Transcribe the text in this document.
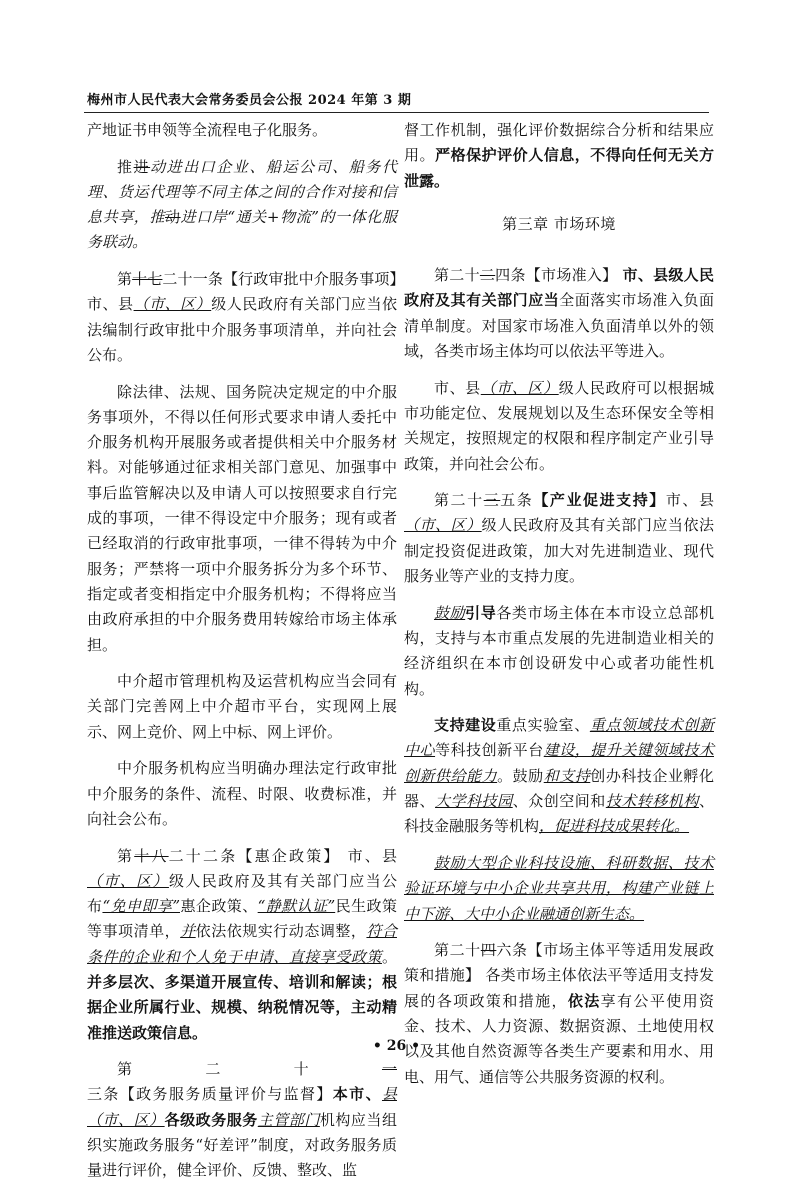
梅州市人民代表大会常务委员会公报 2024 年第 3 期

产地证书申领等全流程电子化服务。

推进动进出口企业、船运公司、船务代理、货运代理等不同主体之间的合作对接和信息共享，推动进口岸“通关+物流”的一体化服务联动。

第十七二十一条【行政审批中介服务事项】市、县（市、区）级人民政府有关部门应当依法编制行政审批中介服务事项清单，并向社会公布。

除法律、法规、国务院决定规定的中介服务事项外，不得以任何形式要求申请人委托中介服务机构开展服务或者提供相关中介服务材料。对能够通过征求相关部门意见、加强事中事后监管解决以及申请人可以按照要求自行完成的事项，一律不得设定中介服务；现有或者已经取消的行政审批事项，一律不得转为中介服务；严禁将一项中介服务拆分为多个环节、指定或者变相指定中介服务机构；不得将应当由政府承担的中介服务费用转嫁给市场主体承担。

中介超市管理机构及运营机构应当会同有关部门完善网上中介超市平台，实现网上展示、网上竞价、网上中标、网上评价。

中介服务机构应当明确办理法定行政审批中介服务的条件、流程、时限、收费标准，并向社会公布。

第十八二十二条【惠企政策】 市、县（市、区）级人民政府及其有关部门应当公布“免申即享”惠企政策、“静默认证”民生政策等事项清单，并依法依规实行动态调整，符合条件的企业和个人免于申请、直接享受政策。并多层次、多渠道开展宣传、培训和解读；根据企业所属行业、规模、纳税情况等，主动精准推送政策信息。

第二十一三条【政务服务质量评价与监督】本市、县（市、区）各级政务服务主管部门机构应当组织实施政务服务“好差评”制度，对政务服务质量进行评价，健全评价、反馈、整改、监

督工作机制，强化评价数据综合分析和结果应用。严格保护评价人信息，不得向任何无关方泄露。

第三章 市场环境

第二十二四条【市场准入】 市、县级人民政府及其有关部门应当全面落实市场准入负面清单制度。对国家市场准入负面清单以外的领域，各类市场主体均可以依法平等进入。

市、县（市、区）级人民政府可以根据城市功能定位、发展规划以及生态环保安全等相关规定，按照规定的权限和程序制定产业引导政策，并向社会公布。

第二十三五条【产业促进支持】市、县（市、区）级人民政府及其有关部门应当依法制定投资促进政策，加大对先进制造业、现代服务业等产业的支持力度。

鼓励引导各类市场主体在本市设立总部机构，支持与本市重点发展的先进制造业相关的经济组织在本市创设研发中心或者功能性机构。

支持建设重点实验室、重点领域技术创新中心等科技创新平台建设，提升关键领域技术创新供给能力。鼓励和支持创办科技企业孵化器、大学科技园、众创空间和技术转移机构、科技金融服务等机构，促进科技成果转化。

鼓励大型企业科技设施、科研数据、技术验证环境与中小企业共享共用，构建产业链上中下游、大中小企业融通创新生态。

第二十四六条【市场主体平等适用发展政策和措施】 各类市场主体依法平等适用支持发展的各项政策和措施，依法享有公平使用资金、技术、人力资源、数据资源、土地使用权以及其他自然资源等各类生产要素和用水、用电、用气、通信等公共服务资源的权利。

• 26 •
